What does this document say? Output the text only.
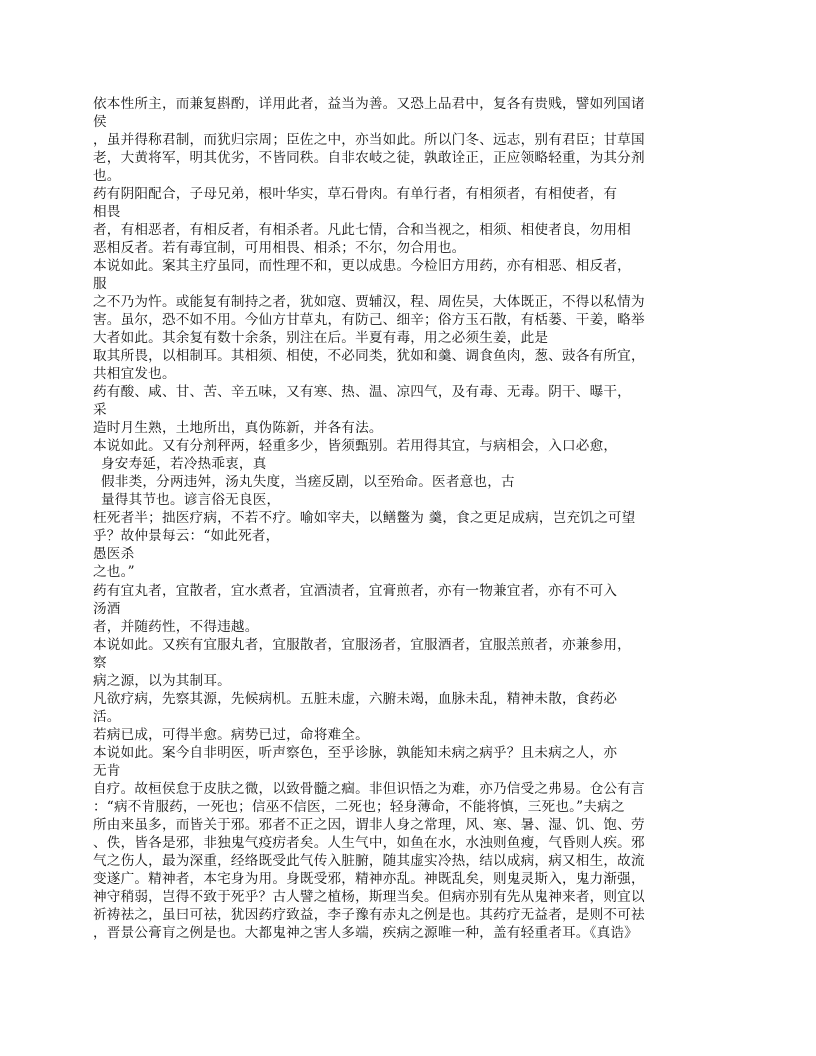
依本性所主，而兼复斟酌，详用此者，益当为善。又恐上品君中，复各有贵贱，譬如列国诸
侯
，虽并得称君制，而犹归宗周；臣佐之中，亦当如此。所以门冬、远志，别有君臣；甘草国
老，大黄将军，明其优劣，不皆同秩。自非农岐之徒，孰敢诠正，正应领略轻重，为其分剂
也。
药有阴阳配合，子母兄弟，根叶华实，草石骨肉。有单行者，有相须者，有相使者，有
相畏
者，有相恶者，有相反者，有相杀者。凡此七情，合和当视之，相须、相使者良，勿用相
恶相反者。若有毒宜制，可用相畏、相杀；不尔，勿合用也。
本说如此。案其主疗虽同，而性理不和，更以成患。今检旧方用药，亦有相恶、相反者，
服
之不乃为忤。或能复有制持之者，犹如寇、贾辅汉，程、周佐吴，大体既正，不得以私情为
害。虽尔，恐不如不用。今仙方甘草丸，有防己、细辛；俗方玉石散，有栝蒌、干姜，略举
大者如此。其余复有数十余条，别注在后。半夏有毒，用之必须生姜，此是
取其所畏，以相制耳。其相须、相使，不必同类，犹如和羹、调食鱼肉，葱、豉各有所宜，
共相宜发也。
药有酸、咸、甘、苦、辛五味，又有寒、热、温、凉四气，及有毒、无毒。阴干、曝干，
采
造时月生熟，土地所出，真伪陈新，并各有法。
本说如此。又有分剂秤两，轻重多少，皆须甄别。若用得其宜，与病相会，入口必愈，
身安寿延，若冷热乖衷，真
假非类，分两违舛，汤丸失度，当瘥反剧，以至殆命。医者意也，古
量得其节也。谚言俗无良医，
枉死者半；拙医疗病，不若不疗。喻如宰夫，以鳝鳖为 羹，食之更足成病，岂充饥之可望
乎？故仲景每云：“如此死者，
愚医杀
之也。”
药有宜丸者，宜散者，宜水煮者，宜酒渍者，宜膏煎者，亦有一物兼宜者，亦有不可入
汤酒
者，并随药性，不得违越。
本说如此。又疾有宜服丸者，宜服散者，宜服汤者，宜服酒者，宜服羔煎者，亦兼参用，
察
病之源，以为其制耳。
凡欲疗病，先察其源，先候病机。五脏未虚，六腑未竭，血脉未乱，精神未散，食药必
活。
若病已成，可得半愈。病势已过，命将难全。
本说如此。案今自非明医，听声察色，至乎诊脉，孰能知未病之病乎？且未病之人，亦
无肯
自疗。故桓侯怠于皮肤之微，以致骨髓之痼。非但识悟之为难，亦乃信受之弗易。仓公有言
：“病不肯服药，一死也；信巫不信医，二死也；轻身薄命，不能将慎，三死也。”夫病之
所由来虽多，而皆关于邪。邪者不正之因，谓非人身之常理，风、寒、暑、湿、饥、饱、劳
、佚，皆各是邪，非独鬼气疫疠者矣。人生气中，如鱼在水，水浊则鱼瘦，气昏则人疾。邪
气之伤人，最为深重，经络既受此气传入脏腑，随其虚实冷热，结以成病，病又相生，故流
变遂广。精神者，本宅身为用。身既受邪，精神亦乱。神既乱矣，则鬼灵斯入，鬼力渐强，
神守稍弱，岂得不致于死乎？古人譬之植杨，斯理当矣。但病亦别有先从鬼神来者，则宜以
祈祷祛之，虽曰可祛，犹因药疗致益，李子豫有赤丸之例是也。其药疗无益者，是则不可祛
，晋景公膏肓之例是也。大都鬼神之害人多端，疾病之源唯一种，盖有轻重者耳。《真诰》
